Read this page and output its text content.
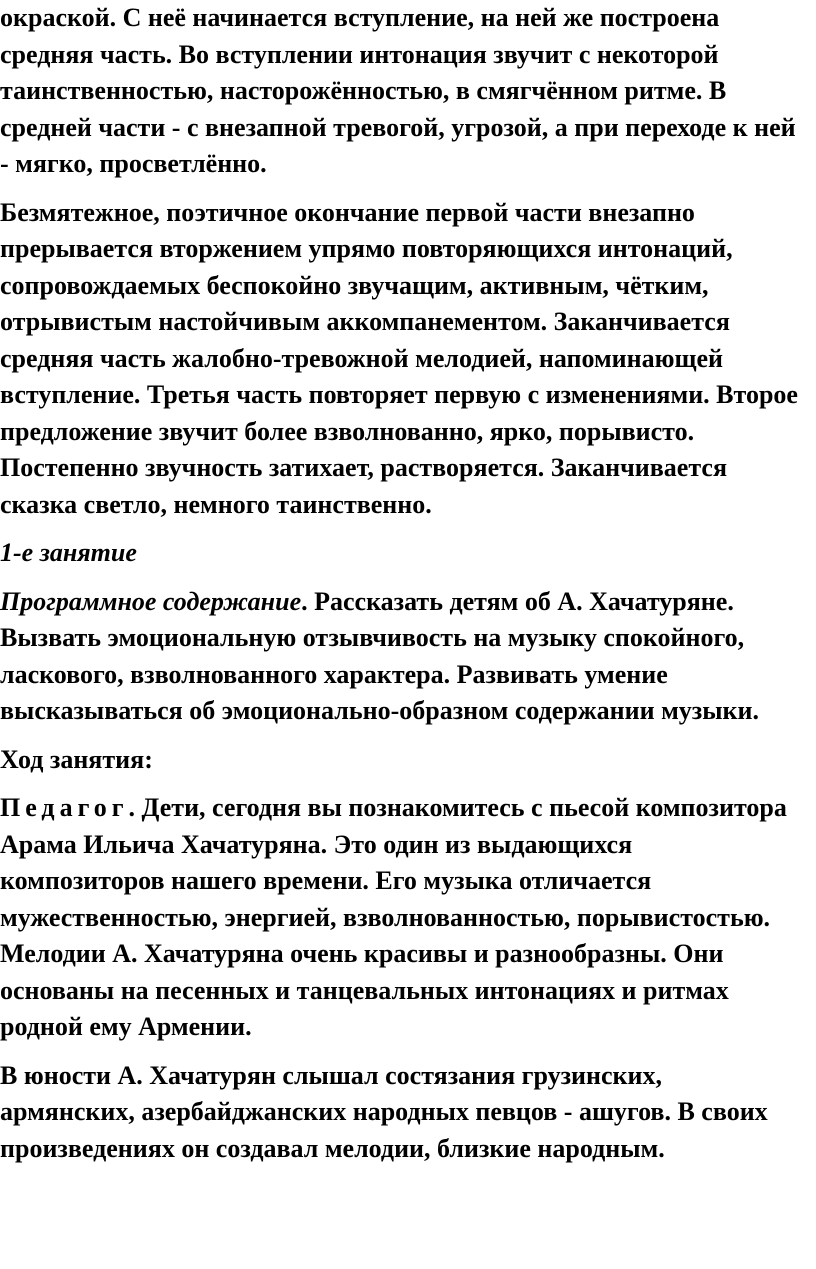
окраской. С неё начинается вступление, на ней же построена средняя часть. Во вступлении интонация звучит с некоторой таинственностью, насторожённостью, в смягчённом ритме. В средней части - с внезапной тревогой, угрозой, а при переходе к ней - мягко, просветлённо.

Безмятежное, поэтичное окончание первой части внезапно прерывается вторжением упрямо повторяющихся интонаций, сопровождаемых беспокойно звучащим, активным, чётким, отрывистым настойчивым аккомпанементом. Заканчивается средняя часть жалобно-тревожной мелодией, напоминающей вступление. Третья часть повторяет первую с изменениями. Второе предложение звучит более взволнованно, ярко, порывисто. Постепенно звучность затихает, растворяется. Заканчивается сказка светло, немного таинственно.

1-е занятие

Программное содержание. Рассказать детям об А. Хачатуряне. Вызвать эмоциональную отзывчивость на музыку спокойного, ласкового, взволнованного характера. Развивать умение высказываться об эмоционально-образном содержании музыки.

Ход занятия:

Педагог. Дети, сегодня вы познакомитесь с пьесой композитора Арама Ильича Хачатуряна. Это один из выдающихся композиторов нашего времени. Его музыка отличается мужественностью, энергией, взволнованностью, порывистостью. Мелодии А. Хачатуряна очень красивы и разнообразны. Они основаны на песенных и танцевальных интонациях и ритмах родной ему Армении.

В юности А. Хачатурян слышал состязания грузинских, армянских, азербайджанских народных певцов - ашугов. В своих произведениях он создавал мелодии, близкие народным.
